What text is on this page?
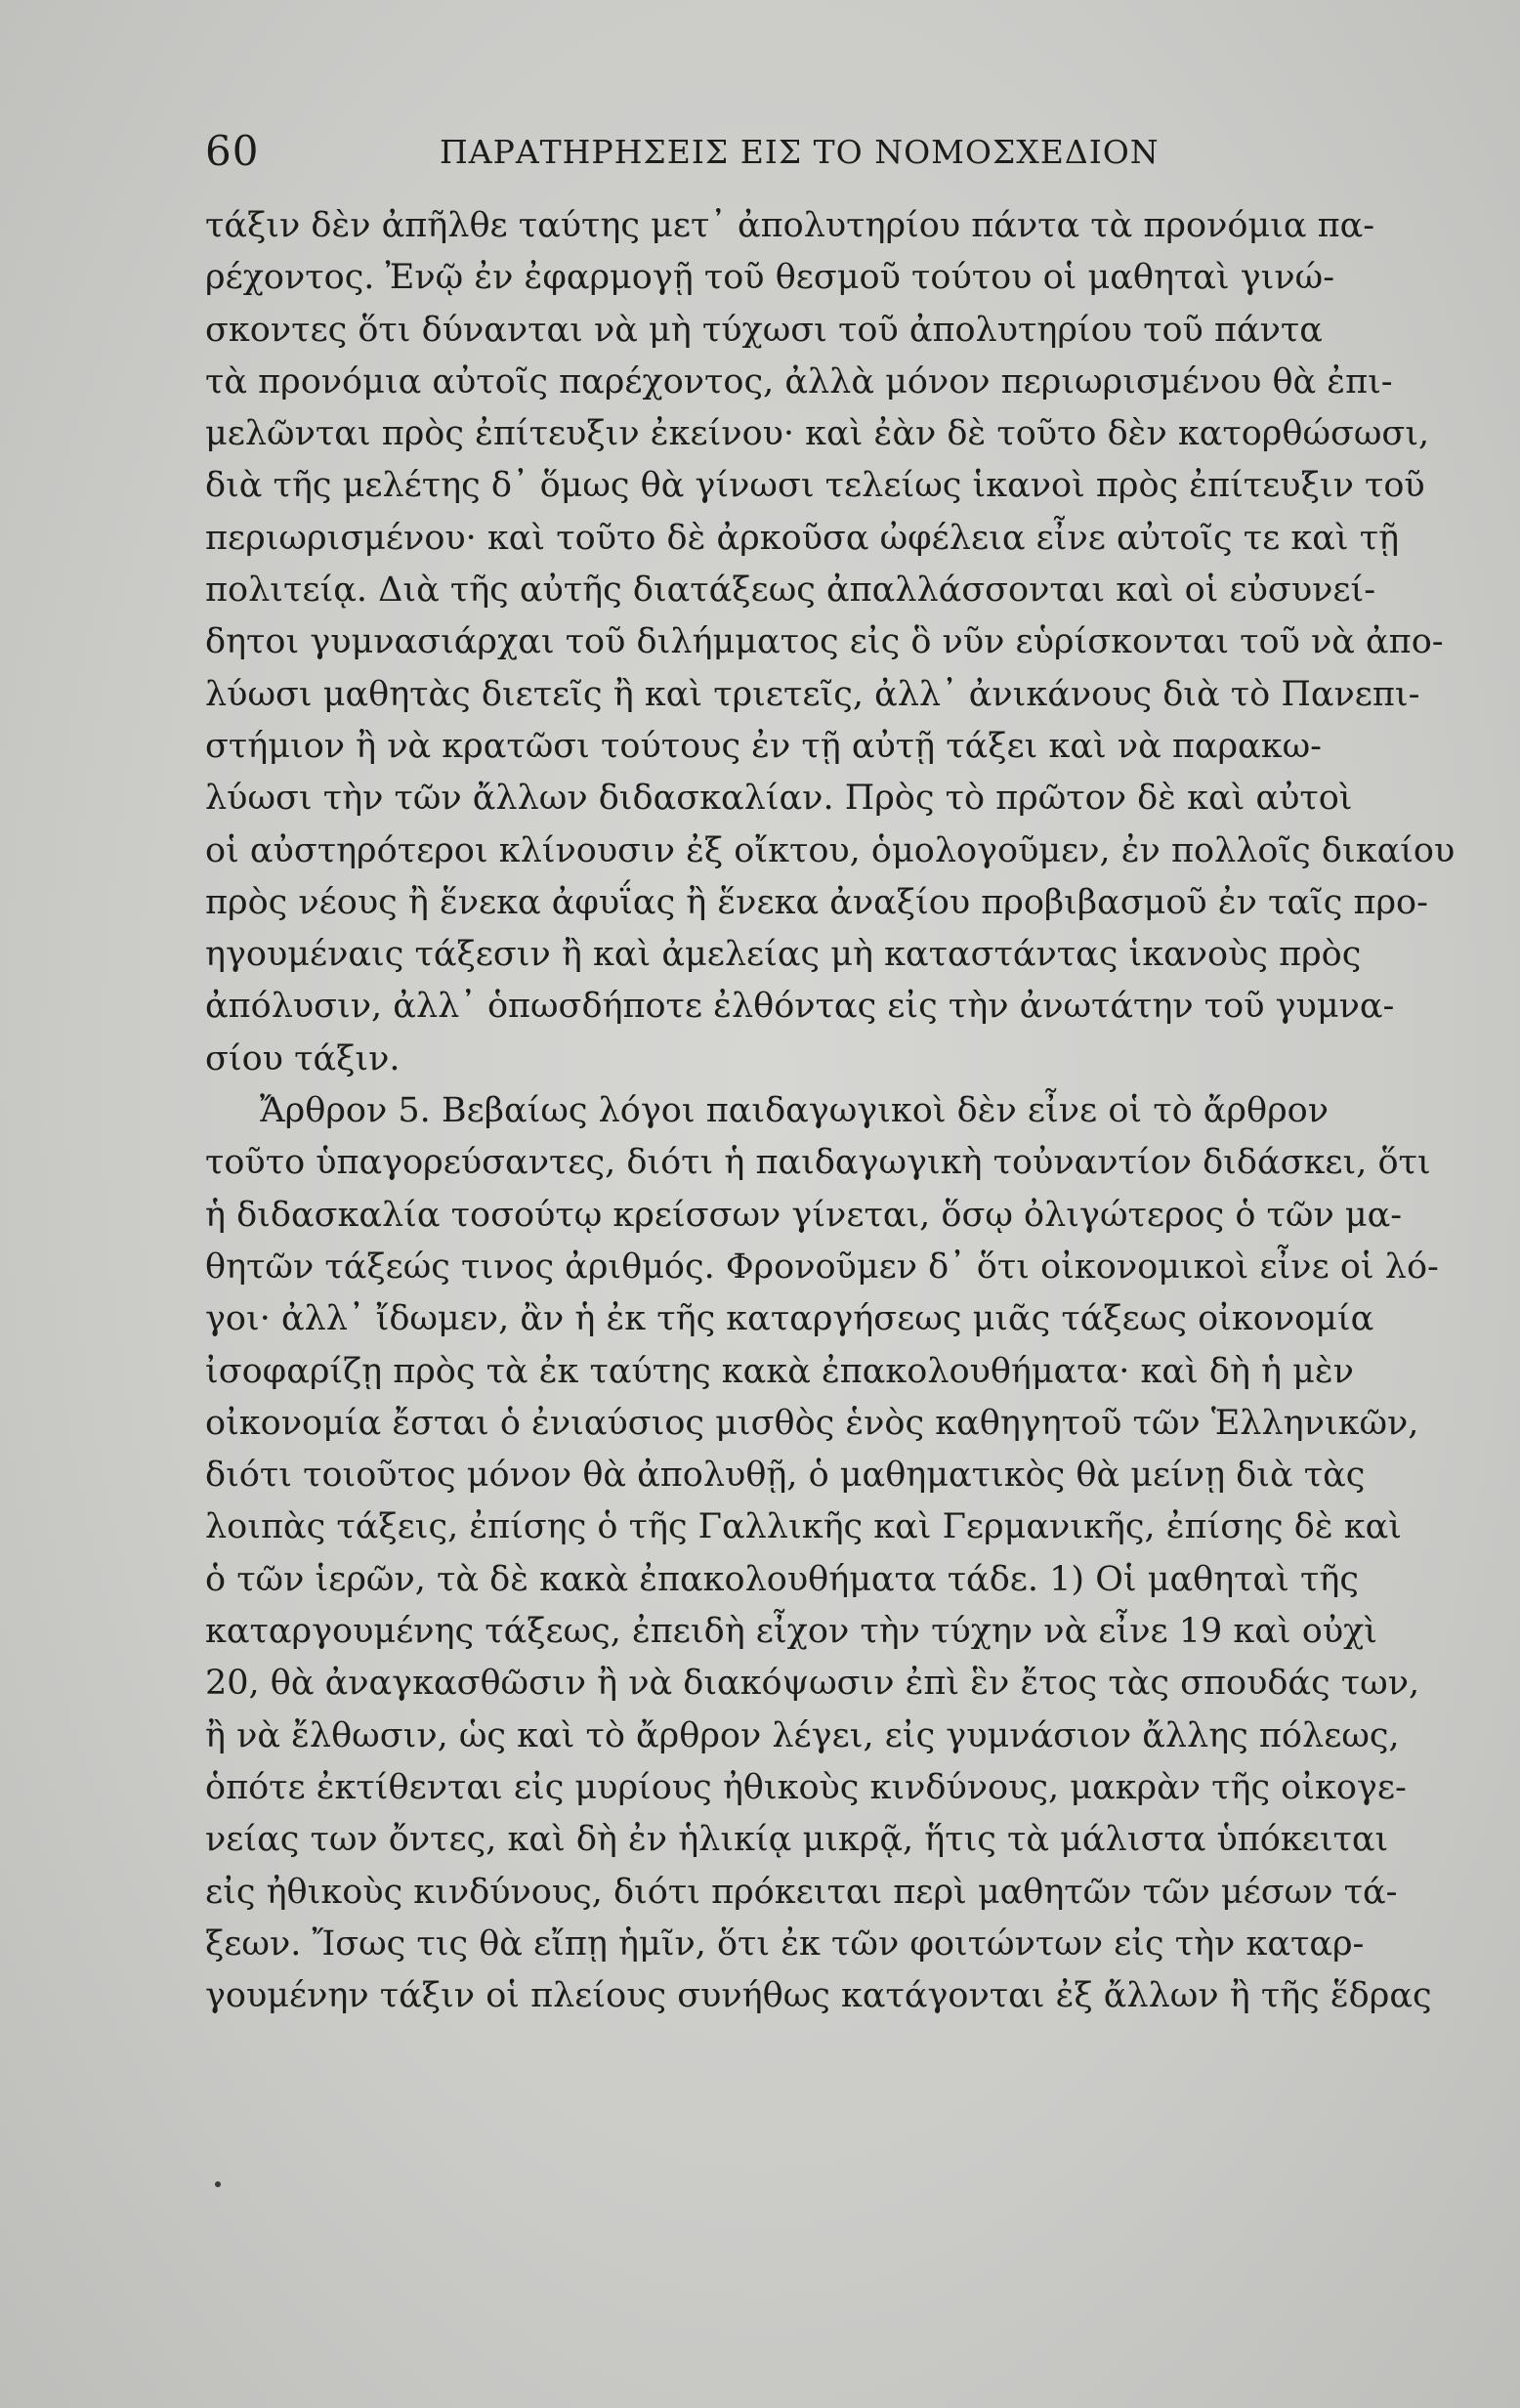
60	ΠΑΡΑΤΗΡΗΣΕΙΣ ΕΙΣ ΤΟ ΝΟΜΟΣΧΕΔΙΟΝ
τάξιν δὲν ἀπῆλθε ταύτης μετ᾽ ἀπολυτηρίου πάντα τὰ προνόμια πα-
ρέχοντος. Ἐνῷ ἐν ἐφαρμογῇ τοῦ θεσμοῦ τούτου οἱ μαθηταὶ γινώ-
σκοντες ὅτι δύνανται νὰ μὴ τύχωσι τοῦ ἀπολυτηρίου τοῦ πάντα
τὰ προνόμια αὐτοῖς παρέχοντος, ἀλλὰ μόνον περιωρισμένου θὰ ἐπι-
μελῶνται πρὸς ἐπίτευξιν ἐκείνου· καὶ ἐὰν δὲ τοῦτο δὲν κατορθώσωσι,
διὰ τῆς μελέτης δ᾽ ὅμως θὰ γίνωσι τελείως ἱκανοὶ πρὸς ἐπίτευξιν τοῦ
περιωρισμένου· καὶ τοῦτο δὲ ἀρκοῦσα ὠφέλεια εἶνε αὐτοῖς τε καὶ τῇ
πολιτείᾳ. Διὰ τῆς αὐτῆς διατάξεως ἀπαλλάσσονται καὶ οἱ εὐσυνεί-
δητοι γυμνασιάρχαι τοῦ διλήμματος εἰς ὃ νῦν εὑρίσκονται τοῦ νὰ ἀπο-
λύωσι μαθητὰς διετεῖς ἢ καὶ τριετεῖς, ἀλλ᾽ ἀνικάνους διὰ τὸ Πανεπι-
στήμιον ἢ νὰ κρατῶσι τούτους ἐν τῇ αὐτῇ τάξει καὶ νὰ παρακω-
λύωσι τὴν τῶν ἄλλων διδασκαλίαν. Πρὸς τὸ πρῶτον δὲ καὶ αὐτοὶ
οἱ αὐστηρότεροι κλίνουσιν ἐξ οἴκτου, ὁμολογοῦμεν, ἐν πολλοῖς δικαίου
πρὸς νέους ἢ ἕνεκα ἀφυΐας ἢ ἕνεκα ἀναξίου προβιβασμοῦ ἐν ταῖς προ-
ηγουμέναις τάξεσιν ἢ καὶ ἀμελείας μὴ καταστάντας ἱκανοὺς πρὸς
ἀπόλυσιν, ἀλλ᾽ ὁπωσδήποτε ἐλθόντας εἰς τὴν ἀνωτάτην τοῦ γυμνα-
σίου τάξιν.
Ἄρθρον 5. Βεβαίως λόγοι παιδαγωγικοὶ δὲν εἶνε οἱ τὸ ἄρθρον
τοῦτο ὑπαγορεύσαντες, διότι ἡ παιδαγωγικὴ τοὐναντίον διδάσκει, ὅτι
ἡ διδασκαλία τοσούτῳ κρείσσων γίνεται, ὅσῳ ὀλιγώτερος ὁ τῶν μα-
θητῶν τάξεώς τινος ἀριθμός. Φρονοῦμεν δ᾽ ὅτι οἰκονομικοὶ εἶνε οἱ λό-
γοι· ἀλλ᾽ ἴδωμεν, ἂν ἡ ἐκ τῆς καταργήσεως μιᾶς τάξεως οἰκονομία
ἰσοφαρίζῃ πρὸς τὰ ἐκ ταύτης κακὰ ἐπακολουθήματα· καὶ δὴ ἡ μὲν
οἰκονομία ἔσται ὁ ἐνιαύσιος μισθὸς ἑνὸς καθηγητοῦ τῶν Ἑλληνικῶν,
διότι τοιοῦτος μόνον θὰ ἀπολυθῇ, ὁ μαθηματικὸς θὰ μείνῃ διὰ τὰς
λοιπὰς τάξεις, ἐπίσης ὁ τῆς Γαλλικῆς καὶ Γερμανικῆς, ἐπίσης δὲ καὶ
ὁ τῶν ἱερῶν, τὰ δὲ κακὰ ἐπακολουθήματα τάδε. 1) Οἱ μαθηταὶ τῆς
καταργουμένης τάξεως, ἐπειδὴ εἶχον τὴν τύχην νὰ εἶνε 19 καὶ οὐχὶ
20, θὰ ἀναγκασθῶσιν ἢ νὰ διακόψωσιν ἐπὶ ἓν ἔτος τὰς σπουδάς των,
ἢ νὰ ἔλθωσιν, ὡς καὶ τὸ ἄρθρον λέγει, εἰς γυμνάσιον ἄλλης πόλεως,
ὁπότε ἐκτίθενται εἰς μυρίους ἠθικοὺς κινδύνους, μακρὰν τῆς οἰκογε-
νείας των ὄντες, καὶ δὴ ἐν ἡλικίᾳ μικρᾷ, ἥτις τὰ μάλιστα ὑπόκειται
εἰς ἠθικοὺς κινδύνους, διότι πρόκειται περὶ μαθητῶν τῶν μέσων τά-
ξεων. Ἴσως τις θὰ εἴπῃ ἡμῖν, ὅτι ἐκ τῶν φοιτώντων εἰς τὴν καταρ-
γουμένην τάξιν οἱ πλείους συνήθως κατάγονται ἐξ ἄλλων ἢ τῆς ἕδρας
